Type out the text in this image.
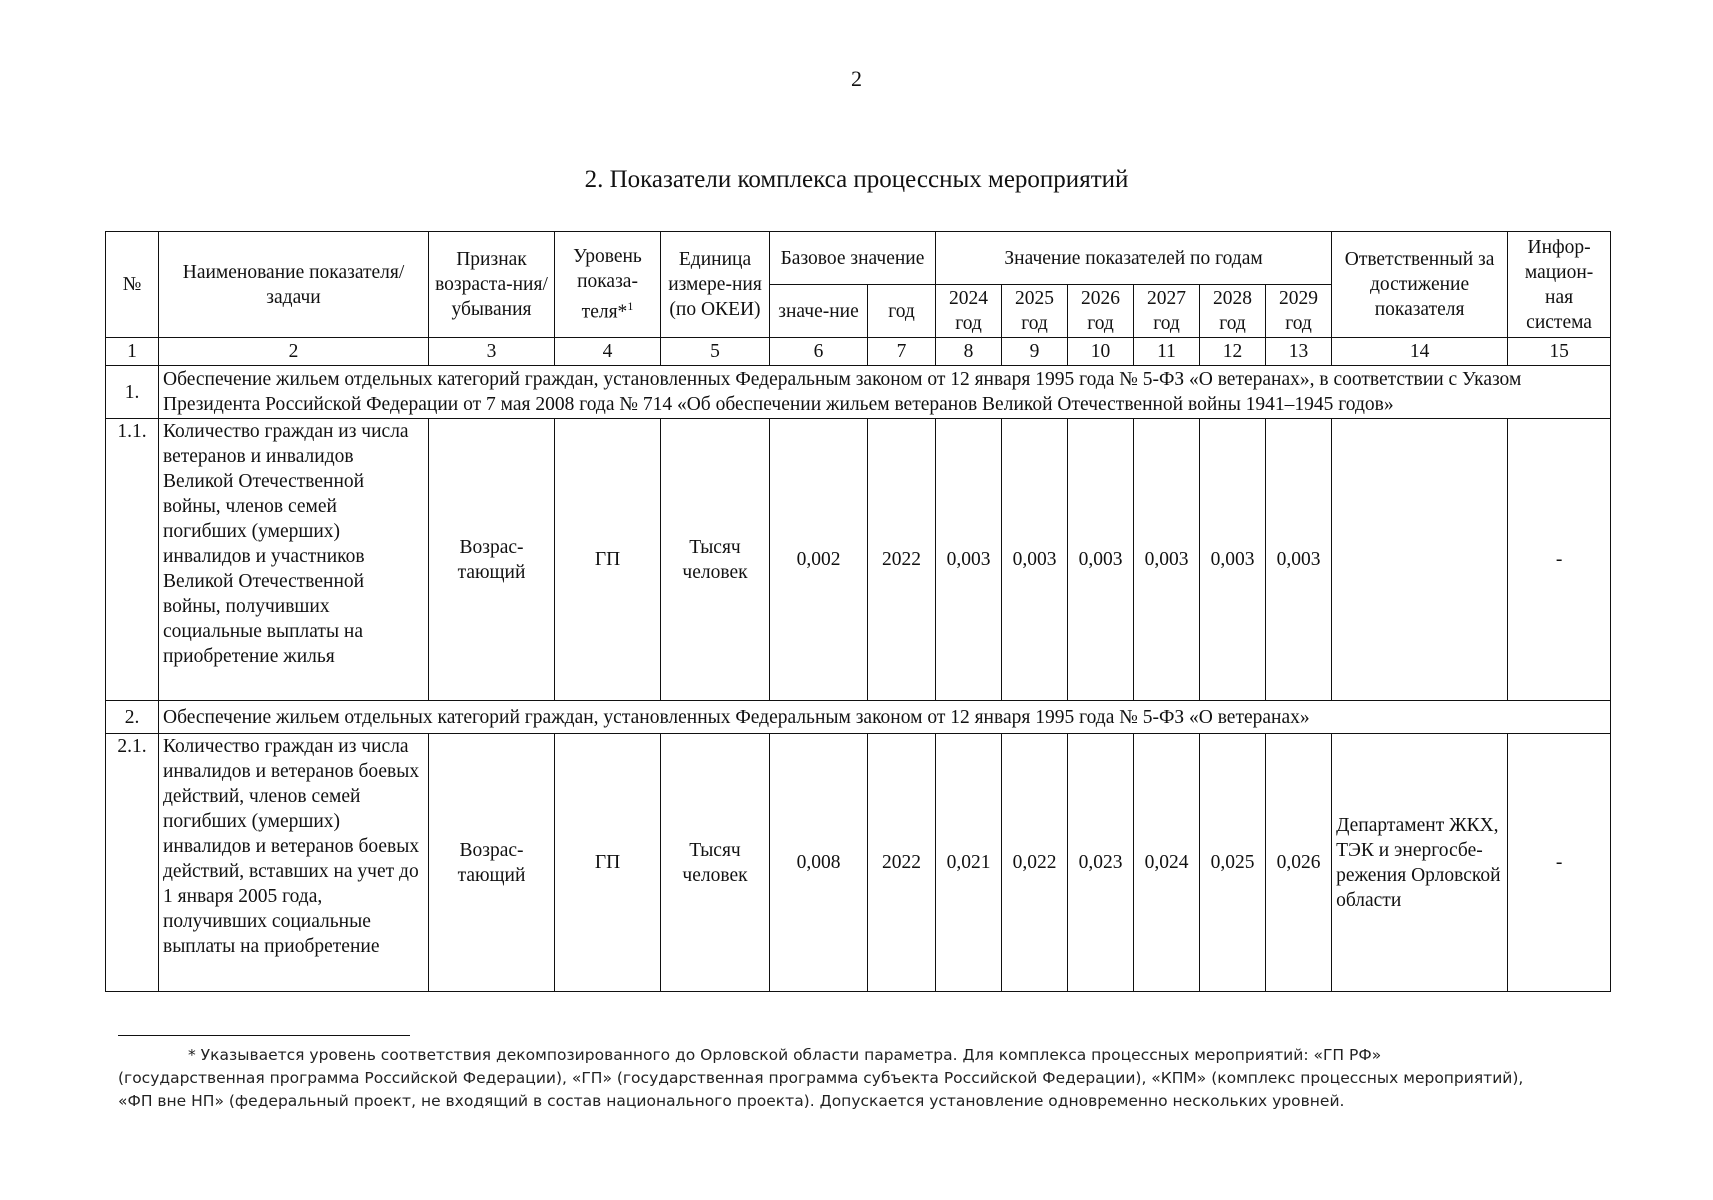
2
2. Показатели комплекса процессных мероприятий
№	Наименование показателя/задачи	Признак возраста-ния/ убывания	Уровень показа-теля*$^1$	Единица измере-ния (по ОКЕИ)	Базовое значение		Значение показателей по годам						Ответственный за достижение показателя	Инфор-мацион-ная система
					значе-ние	год	2024 год	2025 год	2026 год	2027 год	2028 год	2029 год		
1	2	3	4	5	6	7	8	9	10	11	12	13	14	15
1.	Обеспечение жильем отдельных категорий граждан, установленных Федеральным законом от 12 января 1995 года № 5-ФЗ «О ветеранах», в соответствии с Указом Президента Российской Федерации от 7 мая 2008 года № 714 «Об обеспечении жильем ветеранов Великой Отечественной войны 1941–1945 годов»													
1.1.	Количество граждан из числа ветеранов и инвалидов Великой Отечественной войны, членов семей погибших (умерших) инвалидов и участников Великой Отечественной войны, получивших социальные выплаты на приобретение жилья	Возрас-тающий	ГП	Тысяч человек	0,002	2022	0,003	0,003	0,003	0,003	0,003	0,003		-
2.	Обеспечение жильем отдельных категорий граждан, установленных Федеральным законом от 12 января 1995 года № 5-ФЗ «О ветеранах»													
2.1.	Количество граждан из числа инвалидов и ветеранов боевых действий, членов семей погибших (умерших) инвалидов и ветеранов боевых действий, вставших на учет до 1 января 2005 года, получивших социальные выплаты на приобретение	Возрас-тающий	ГП	Тысяч человек	0,008	2022	0,021	0,022	0,023	0,024	0,025	0,026	Департамент ЖКХ, ТЭК и энергосбе-режения Орловской области	-
* Указывается уровень соответствия декомпозированного до Орловской области параметра. Для комплекса процессных мероприятий: «ГП РФ» (государственная программа Российской Федерации), «ГП» (государственная программа субъекта Российской Федерации), «КПМ» (комплекс процессных мероприятий), «ФП вне НП» (федеральный проект, не входящий в состав национального проекта). Допускается установление одновременно нескольких уровней.
